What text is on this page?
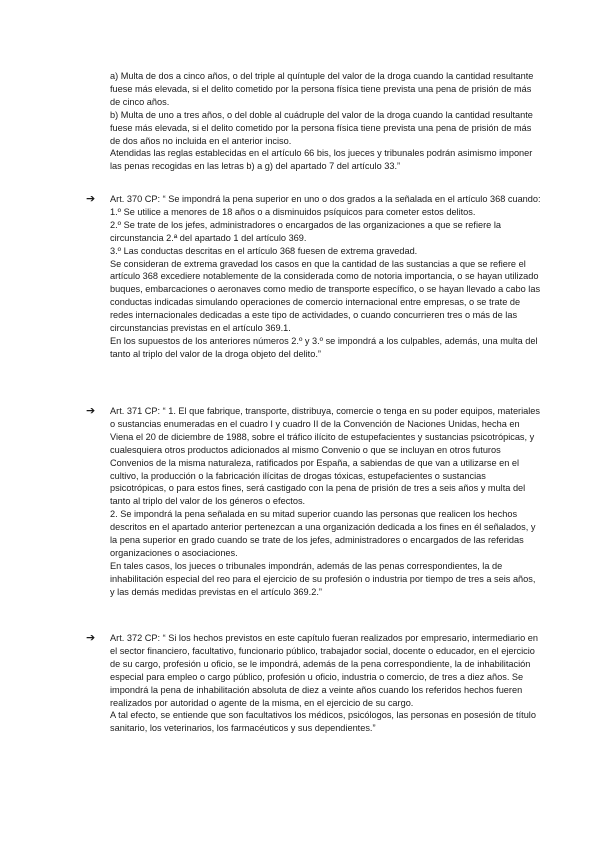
a) Multa de dos a cinco años, o del triple al quíntuple del valor de la droga cuando la cantidad resultante fuese más elevada, si el delito cometido por la persona física tiene prevista una pena de prisión de más de cinco años.

b) Multa de uno a tres años, o del doble al cuádruple del valor de la droga cuando la cantidad resultante fuese más elevada, si el delito cometido por la persona física tiene prevista una pena de prisión de más de dos años no incluida en el anterior inciso.

Atendidas las reglas establecidas en el artículo 66 bis, los jueces y tribunales podrán asimismo imponer las penas recogidas en las letras b) a g) del apartado 7 del artículo 33.”

➔	Art. 370 CP: “ Se impondrá la pena superior en uno o dos grados a la señalada en el artículo 368 cuando:

1.º Se utilice a menores de 18 años o a disminuidos psíquicos para cometer estos delitos.

2.º Se trate de los jefes, administradores o encargados de las organizaciones a que se refiere la circunstancia 2.ª del apartado 1 del artículo 369.

3.º Las conductas descritas en el artículo 368 fuesen de extrema gravedad.

Se consideran de extrema gravedad los casos en que la cantidad de las sustancias a que se refiere el artículo 368 excediere notablemente de la considerada como de notoria importancia, o se hayan utilizado buques, embarcaciones o aeronaves como medio de transporte específico, o se hayan llevado a cabo las conductas indicadas simulando operaciones de comercio internacional entre empresas, o se trate de redes internacionales dedicadas a este tipo de actividades, o cuando concurrieren tres o más de las circunstancias previstas en el artículo 369.1.

En los supuestos de los anteriores números 2.º y 3.º se impondrá a los culpables, además, una multa del tanto al triplo del valor de la droga objeto del delito.”

➔	Art. 371 CP: “ 1. El que fabrique, transporte, distribuya, comercie o tenga en su poder equipos, materiales o sustancias enumeradas en el cuadro I y cuadro II de la Convención de Naciones Unidas, hecha en Viena el 20 de diciembre de 1988, sobre el tráfico ilícito de estupefacientes y sustancias psicotrópicas, y cualesquiera otros productos adicionados al mismo Convenio o que se incluyan en otros futuros Convenios de la misma naturaleza, ratificados por España, a sabiendas de que van a utilizarse en el cultivo, la producción o la fabricación ilícitas de drogas tóxicas, estupefacientes o sustancias psicotrópicas, o para estos fines, será castigado con la pena de prisión de tres a seis años y multa del tanto al triplo del valor de los géneros o efectos.

2. Se impondrá la pena señalada en su mitad superior cuando las personas que realicen los hechos descritos en el apartado anterior pertenezcan a una organización dedicada a los fines en él señalados, y la pena superior en grado cuando se trate de los jefes, administradores o encargados de las referidas organizaciones o asociaciones.

En tales casos, los jueces o tribunales impondrán, además de las penas correspondientes, la de inhabilitación especial del reo para el ejercicio de su profesión o industria por tiempo de tres a seis años, y las demás medidas previstas en el artículo 369.2.”

➔	Art. 372 CP: “ Si los hechos previstos en este capítulo fueran realizados por empresario, intermediario en el sector financiero, facultativo, funcionario público, trabajador social, docente o educador, en el ejercicio de su cargo, profesión u oficio, se le impondrá, además de la pena correspondiente, la de inhabilitación especial para empleo o cargo público, profesión u oficio, industria o comercio, de tres a diez años. Se impondrá la pena de inhabilitación absoluta de diez a veinte años cuando los referidos hechos fueren realizados por autoridad o agente de la misma, en el ejercicio de su cargo.

A tal efecto, se entiende que son facultativos los médicos, psicólogos, las personas en posesión de título sanitario, los veterinarios, los farmacéuticos y sus dependientes.”
